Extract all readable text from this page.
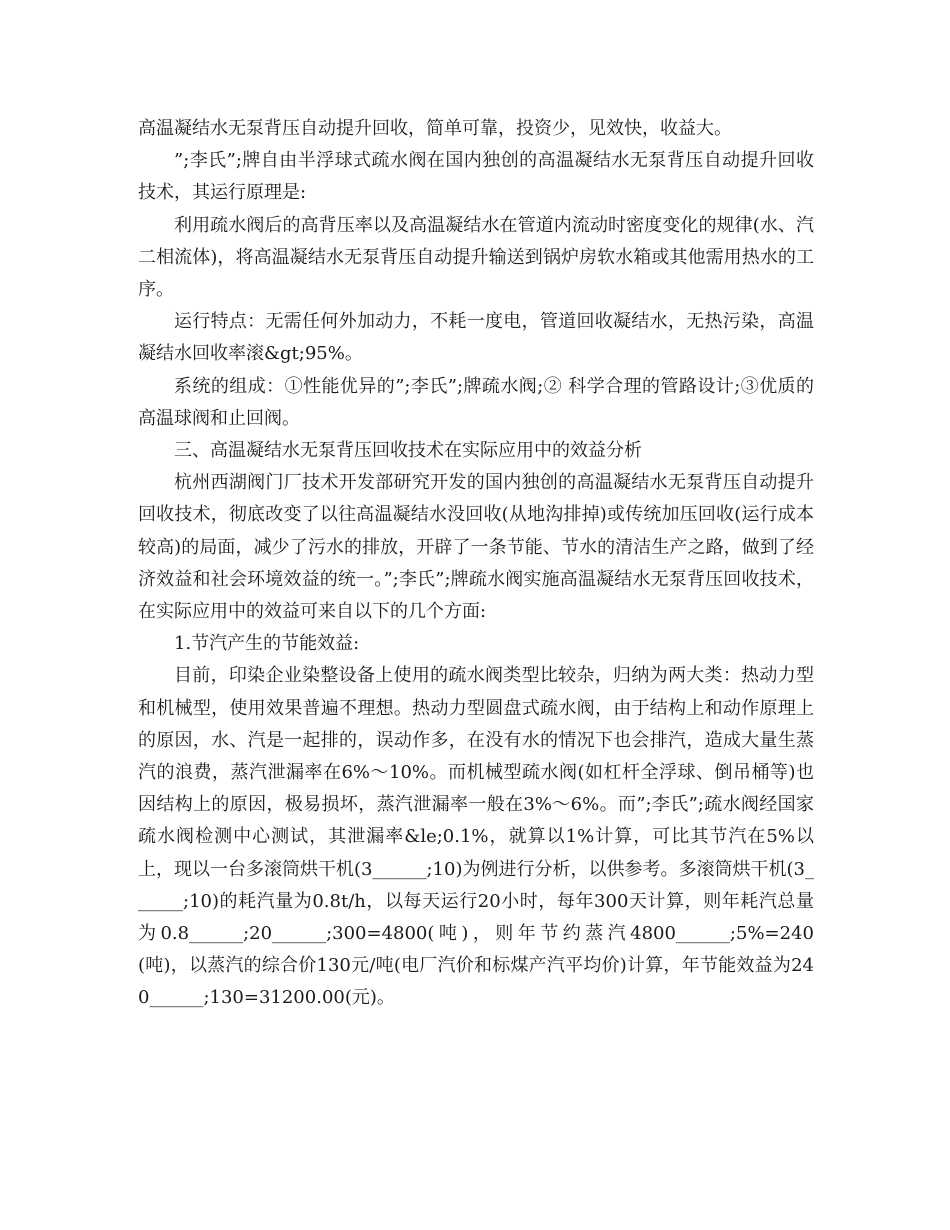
高温凝结水无泵背压自动提升回收，简单可靠，投资少，见效快，收益大。

”;李氏”;牌自由半浮球式疏水阀在国内独创的高温凝结水无泵背压自动提升回收技术，其运行原理是:

利用疏水阀后的高背压率以及高温凝结水在管道内流动时密度变化的规律(水、汽二相流体)，将高温凝结水无泵背压自动提升输送到锅炉房软水箱或其他需用热水的工序。

运行特点：无需任何外加动力，不耗一度电，管道回收凝结水，无热污染，高温凝结水回收率滚&gt;95%。

系统的组成：①性能优异的”;李氏”;牌疏水阀;② 科学合理的管路设计;③优质的高温球阀和止回阀。

三、高温凝结水无泵背压回收技术在实际应用中的效益分析

杭州西湖阀门厂技术开发部研究开发的国内独创的高温凝结水无泵背压自动提升回收技术，彻底改变了以往高温凝结水没回收(从地沟排掉)或传统加压回收(运行成本较高)的局面，减少了污水的排放，开辟了一条节能、节水的清洁生产之路，做到了经济效益和社会环境效益的统一。”;李氏”;牌疏水阀实施高温凝结水无泵背压回收技术，在实际应用中的效益可来自以下的几个方面:

1.节汽产生的节能效益:

目前，印染企业染整设备上使用的疏水阀类型比较杂，归纳为两大类：热动力型和机械型，使用效果普遍不理想。热动力型圆盘式疏水阀，由于结构上和动作原理上的原因，水、汽是一起排的，误动作多，在没有水的情况下也会排汽，造成大量生蒸汽的浪费，蒸汽泄漏率在6%～10%。而机械型疏水阀(如杠杆全浮球、倒吊桶等)也因结构上的原因，极易损坏，蒸汽泄漏率一般在3%～6%。而”;李氏”;疏水阀经国家疏水阀检测中心测试，其泄漏率&le;0.1%，就算以1%计算，可比其节汽在5%以上，现以一台多滚筒烘干机(3______;10)为例进行分析，以供参考。多滚筒烘干机(3______;10)的耗汽量为0.8t/h，以每天运行20小时，每年300天计算，则年耗汽总量为0.8______;20______;300=4800(吨)，则年节约蒸汽4800______;5%=240(吨)，以蒸汽的综合价130元/吨(电厂汽价和标煤产汽平均价)计算，年节能效益为240______;130=31200.00(元)。
